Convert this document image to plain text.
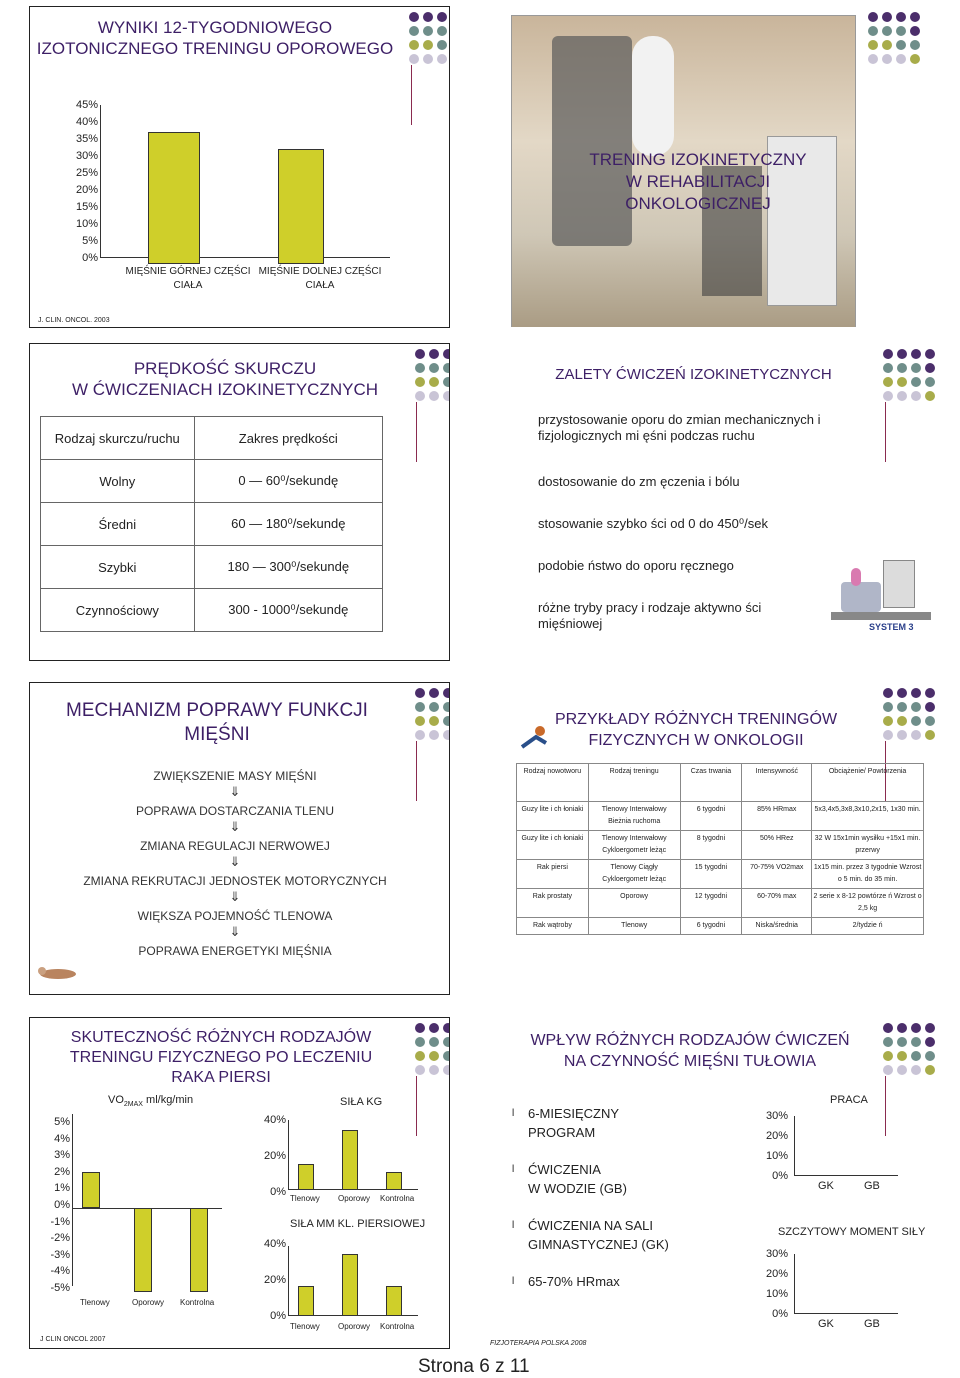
WYNIKI 12-TYGODNIOWEGO
IZOTONICZNEGO TRENINGU OPOROWEGO
45%
40%
35%
30%
25%
20%
15%
10%
5%
0%
MIĘŚNIE GÓRNEJ CZĘŚCI
CIAŁA
MIĘŚNIE DOLNEJ CZĘŚCI
CIAŁA
J. CLIN. ONCOL. 2003
TRENING IZOKINETYCZNY
W REHABILITACJI
ONKOLOGICZNEJ
PRĘDKOŚĆ SKURCZU
W ĆWICZENIACH IZOKINETYCZNYCH
Rodzaj skurczu/ruchu	Zakres prędkości
Wolny	0 — 60⁰/sekundę
Średni	60 — 180⁰/sekundę
Szybki	180 — 300⁰/sekundę
Czynnościowy	300 - 1000⁰/sekundę
ZALETY ĆWICZEŃ IZOKINETYCZNYCH
przystosowanie oporu do zmian mechanicznych i fizjologicznych mi ęśni podczas ruchu
dostosowanie do zm ęczenia i bólu
stosowanie szybko ści od 0 do 450⁰/sek
podobie ństwo do oporu ręcznego
różne tryby pracy i rodzaje aktywno ści mięśniowej	SYSTEM 3
MECHANIZM POPRAWY FUNKCJI
MIĘŚNI
ZWIĘKSZENIE MASY MIĘŚNI
⇓
POPRAWA DOSTARCZANIA TLENU
⇓
ZMIANA REGULACJI NERWOWEJ
⇓
ZMIANA REKRUTACJI JEDNOSTEK MOTORYCZNYCH
⇓
WIĘKSZA POJEMNOŚĆ TLENOWA
⇓
POPRAWA ENERGETYKI MIĘŚNIA
PRZYKŁADY RÓŻNYCH TRENINGÓW
FIZYCZNYCH W ONKOLOGII
Rodzaj nowotworu	Rodzaj treningu	Czas trwania	Intensywność	Obciążenie/ Powtórzenia
Guzy lite i ch łoniaki	Tlenowy Interwałowy Bieżnia ruchoma	6 tygodni	85% HRmax	5x3,4x5,3x8,3x10,2x15, 1x30 min.
Guzy lite i ch łoniaki	Tlenowy Interwałowy Cykloergometr leżąc	8 tygodni	50% HRez	32 W 15x1min wysiłku +15x1 min. przerwy
Rak piersi	Tlenowy Ciągły Cykloergometr leżąc	15 tygodni	70-75% VO2max	1x15 min. przez 3 tygodnie Wzrost o 5 min. do 35 min.
Rak prostaty	Oporowy	12 tygodni	60-70% max	2 serie x 8-12 powtórze ń Wzrost o 2,5 kg
Rak wątroby	Tlenowy	6 tygodni	Niska/średnia	2/tydzie ń
SKUTECZNOŚĆ RÓŻNYCH RODZAJÓW
TRENINGU FIZYCZNEGO PO LECZENIU
RAKA PIERSI
$VO_{2MAX}$ ml/kg/min
5%
4%
3%
2%
1%
0%
-1%
-2%
-3%
-4%
-5%
Tlenowy	Oporowy Kontrolna
SIŁA KG
40%
20%
0%
Tlenowy Oporowy Kontrolna
SIŁA MM KL. PIERSIOWEJ
40%
20%
0%
Tlenowy Oporowy Kontrolna
J CLIN ONCOL 2007
WPŁYW RÓŻNYCH RODZAJÓW ĆWICZEŃ
NA CZYNNOŚĆ MIĘŚNI TUŁOWIA
l 6-MIESIĘCZNY
PROGRAM
l ĆWICZENIA
W WODZIE (GB)
l ĆWICZENIA NA SALI
GIMNASTYCZNEJ (GK)
l 65-70% HRmax
PRACA
30%
20%
10%
0%
GK	GB
SZCZYTOWY MOMENT SIŁY
30%
20%
10%
0%
GK	GB
FIZJOTERAPIA POLSKA 2008
Strona 6 z 11
